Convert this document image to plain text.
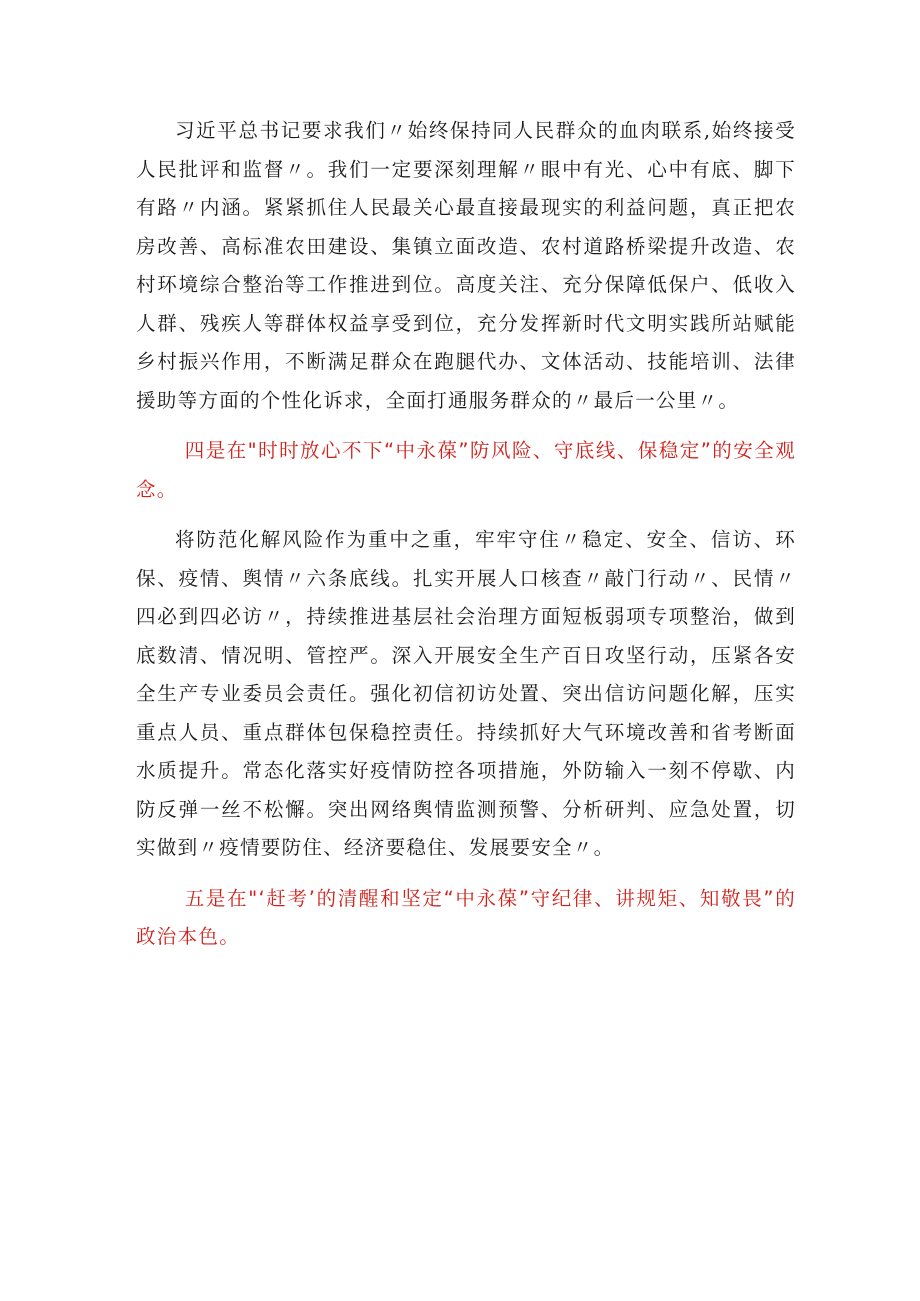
习近平总书记要求我们〃始终保持同人民群众的血肉联系,始终接受人民批评和监督〃。我们一定要深刻理解〃眼中有光、心中有底、脚下有路〃内涵。紧紧抓住人民最关心最直接最现实的利益问题，真正把农房改善、高标准农田建设、集镇立面改造、农村道路桥梁提升改造、农村环境综合整治等工作推进到位。高度关注、充分保障低保户、低收入人群、残疾人等群体权益享受到位，充分发挥新时代文明实践所站赋能乡村振兴作用，不断满足群众在跑腿代办、文体活动、技能培训、法律援助等方面的个性化诉求，全面打通服务群众的〃最后一公里〃。

四是在"时时放心不下“中永葆”防风险、守底线、保稳定”的安全观念。

将防范化解风险作为重中之重，牢牢守住〃稳定、安全、信访、环保、疫情、舆情〃六条底线。扎实开展人口核查〃敲门行动〃、民情〃四必到四必访〃，持续推进基层社会治理方面短板弱项专项整治，做到底数清、情况明、管控严。深入开展安全生产百日攻坚行动，压紧各安全生产专业委员会责任。强化初信初访处置、突出信访问题化解，压实重点人员、重点群体包保稳控责任。持续抓好大气环境改善和省考断面水质提升。常态化落实好疫情防控各项措施，外防输入一刻不停歇、内防反弹一丝不松懈。突出网络舆情监测预警、分析研判、应急处置，切实做到〃疫情要防住、经济要稳住、发展要安全〃。

五是在"‘赶考’的清醒和坚定“中永葆”守纪律、讲规矩、知敬畏”的政治本色。
